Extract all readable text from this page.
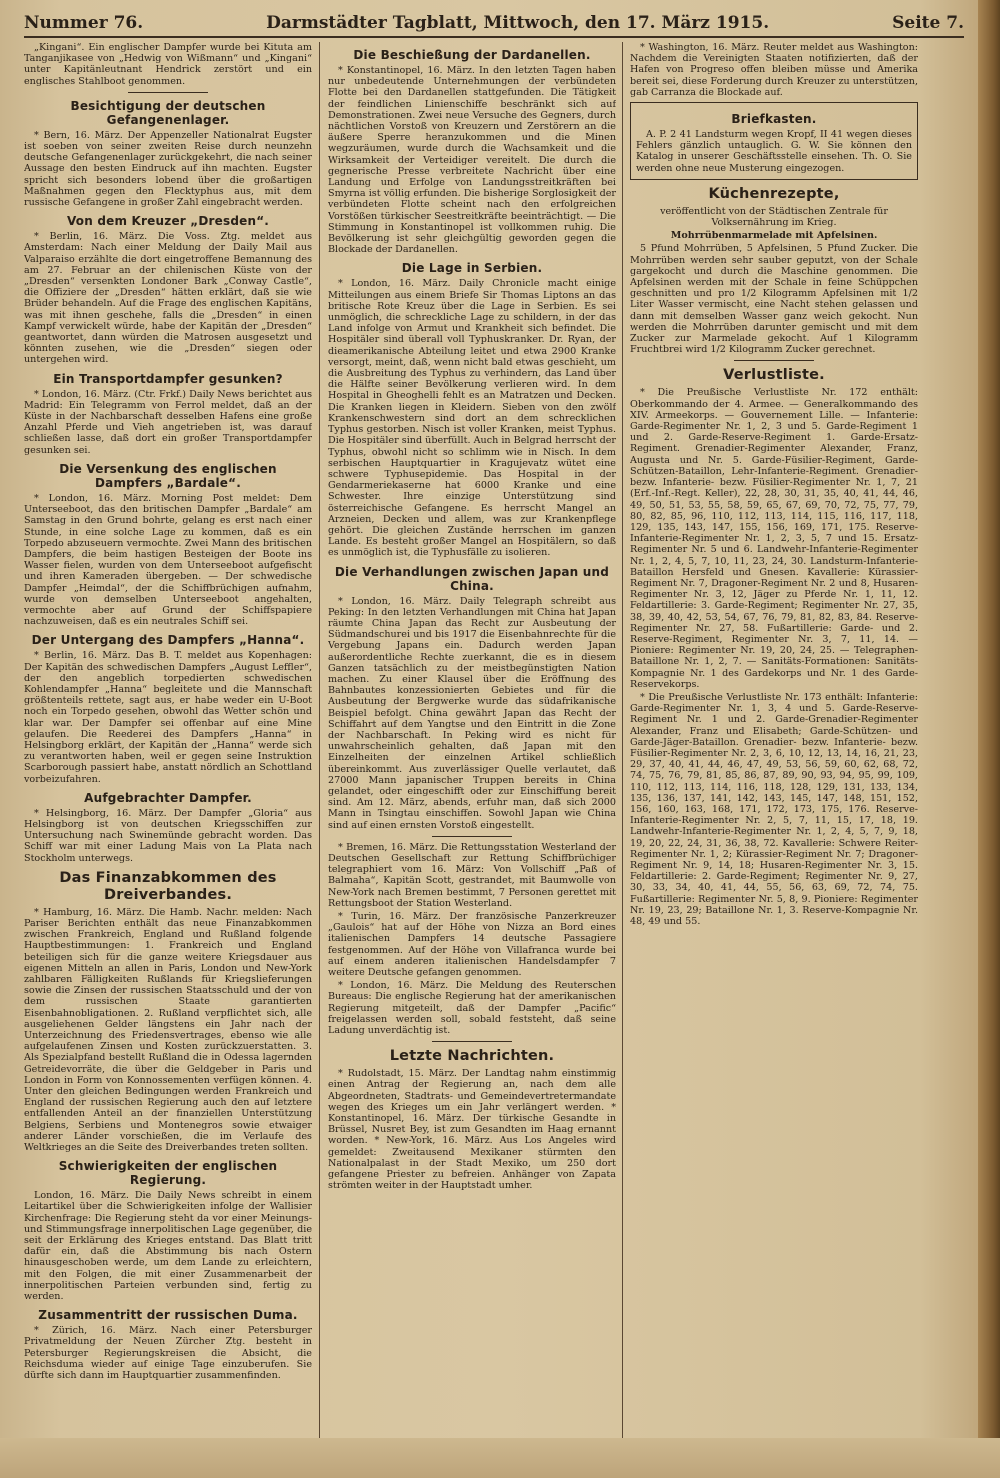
Nummer 76.	Darmstädter Tagblatt, Mittwoch, den 17. März 1915.	Seite 7.

„Kingani“. Ein englischer Dampfer wurde bei Kituta am Tanganjikasee von „Hedwig von Wißmann“ und „Kingani“ unter Kapitänleutnant Hendrick zerstört und ein englisches Stahlboot genommen.

Besichtigung der deutschen Gefangenenlager.

* Bern, 16. März. Der Appenzeller Nationalrat Eugster ist soeben von seiner zweiten Reise durch neunzehn deutsche Gefangenenlager zurückgekehrt, die nach seiner Aussage den besten Eindruck auf ihn machten. Eugster spricht sich besonders lobend über die großartigen Maßnahmen gegen den Flecktyphus aus, mit dem russische Gefangene in großer Zahl eingebracht werden.

Von dem Kreuzer „Dresden“.

* Berlin, 16. März. Die Voss. Ztg. meldet aus Amsterdam: Nach einer Meldung der Daily Mail aus Valparaiso erzählte die dort eingetroffene Bemannung des am 27. Februar an der chilenischen Küste von der „Dresden“ versenkten Londoner Bark „Conway Castle“, die Offiziere der „Dresden“ hätten erklärt, daß sie wie Brüder behandeln. Auf die Frage des englischen Kapitäns, was mit ihnen geschehe, falls die „Dresden“ in einen Kampf verwickelt würde, habe der Kapitän der „Dresden“ geantwortet, dann würden die Matrosen ausgesetzt und könnten zusehen, wie die „Dresden“ siegen oder untergehen wird.

Ein Transportdampfer gesunken?

* London, 16. März. (Ctr. Frkf.) Daily News berichtet aus Madrid: Ein Telegramm von Ferrol meldet, daß an der Küste in der Nachbarschaft desselben Hafens eine große Anzahl Pferde und Vieh angetrieben ist, was darauf schließen lasse, daß dort ein großer Transportdampfer gesunken sei.

Die Versenkung des englischen Dampfers „Bardale“.

* London, 16. März. Morning Post meldet: Dem Unterseeboot, das den britischen Dampfer „Bardale“ am Samstag in den Grund bohrte, gelang es erst nach einer Stunde, in eine solche Lage zu kommen, daß es ein Torpedo abzuseuern vermochte. Zwei Mann des britischen Dampfers, die beim hastigen Besteigen der Boote ins Wasser fielen, wurden von dem Unterseeboot aufgefischt und ihren Kameraden übergeben. — Der schwedische Dampfer „Heimdal“, der die Schiffbrüchigen aufnahm, wurde von demselben Unterseeboot angehalten, vermochte aber auf Grund der Schiffspapiere nachzuweisen, daß es ein neutrales Schiff sei.

Der Untergang des Dampfers „Hanna“.

* Berlin, 16. März. Das B. T. meldet aus Kopenhagen: Der Kapitän des schwedischen Dampfers „August Leffler“, der den angeblich torpedierten schwedischen Kohlendampfer „Hanna“ begleitete und die Mannschaft größtenteils rettete, sagt aus, er habe weder ein U-Boot noch ein Torpedo gesehen, obwohl das Wetter schön und klar war. Der Dampfer sei offenbar auf eine Mine gelaufen. Die Reederei des Dampfers „Hanna“ in Helsingborg erklärt, der Kapitän der „Hanna“ werde sich zu verantworten haben, weil er gegen seine Instruktion Scarborough passiert habe, anstatt nördlich an Schottland vorbeizufahren.

Aufgebrachter Dampfer.

* Helsingborg, 16. März. Der Dampfer „Gloria“ aus Helsingborg ist von deutschen Kriegsschiffen zur Untersuchung nach Swinemünde gebracht worden. Das Schiff war mit einer Ladung Mais von La Plata nach Stockholm unterwegs.

Das Finanzabkommen des Dreiverbandes.

* Hamburg, 16. März. Die Hamb. Nachr. melden: Nach Pariser Berichten enthält das neue Finanzabkommen zwischen Frankreich, England und Rußland folgende Hauptbestimmungen: 1. Frankreich und England beteiligen sich für die ganze weitere Kriegsdauer aus eigenen Mitteln an allen in Paris, London und New-York zahlbaren Fälligkeiten Rußlands für Kriegslieferungen sowie die Zinsen der russischen Staatsschuld und der von dem russischen Staate garantierten Eisenbahnobligationen. 2. Rußland verpflichtet sich, alle ausgeliehenen Gelder längstens ein Jahr nach der Unterzeichnung des Friedensvertrages, ebenso wie alle aufgelaufenen Zinsen und Kosten zurückzuerstatten. 3. Als Spezialpfand bestellt Rußland die in Odessa lagernden Getreidevorräte, die über die Geldgeber in Paris und London in Form von Konnossementen verfügen können. 4. Unter den gleichen Bedingungen werden Frankreich und England der russischen Regierung auch den auf letztere entfallenden Anteil an der finanziellen Unterstützung Belgiens, Serbiens und Montenegros sowie etwaiger anderer Länder vorschießen, die im Verlaufe des Weltkrieges an die Seite des Dreiverbandes treten sollten.

Schwierigkeiten der englischen Regierung.

London, 16. März. Die Daily News schreibt in einem Leitartikel über die Schwierigkeiten infolge der Wallisier Kirchenfrage: Die Regierung steht da vor einer Meinungs- und Stimmungsfrage innerpolitischen Lage gegenüber, die seit der Erklärung des Krieges entstand. Das Blatt tritt dafür ein, daß die Abstimmung bis nach Ostern hinausgeschoben werde, um dem Lande zu erleichtern, mit den Folgen, die mit einer Zusammenarbeit der innerpolitischen Parteien verbunden sind, fertig zu werden.

Zusammentritt der russischen Duma.

* Zürich, 16. März. Nach einer Petersburger Privatmeldung der Neuen Zürcher Ztg. besteht in Petersburger Regierungskreisen die Absicht, die Reichsduma wieder auf einige Tage einzuberufen. Sie dürfte sich dann im Hauptquartier zusammenfinden.

Die Beschießung der Dardanellen.

* Konstantinopel, 16. März. In den letzten Tagen haben nur unbedeutende Unternehmungen der verbündeten Flotte bei den Dardanellen stattgefunden. Die Tätigkeit der feindlichen Linienschiffe beschränkt sich auf Demonstrationen. Zwei neue Versuche des Gegners, durch nächtlichen Vorstoß von Kreuzern und Zerstörern an die äußere Sperre heranzukommen und die Minen wegzuräumen, wurde durch die Wachsamkeit und die Wirksamkeit der Verteidiger vereitelt. Die durch die gegnerische Presse verbreitete Nachricht über eine Landung und Erfolge von Landungsstreitkräften bei Smyrna ist völlig erfunden. Die bisherige Sorglosigkeit der verbündeten Flotte scheint nach den erfolgreichen Vorstößen türkischer Seestreitkräfte beeinträchtigt. — Die Stimmung in Konstantinopel ist vollkommen ruhig. Die Bevölkerung ist sehr gleichgültig geworden gegen die Blockade der Dardanellen.

Die Lage in Serbien.

* London, 16. März. Daily Chronicle macht einige Mitteilungen aus einem Briefe Sir Thomas Liptons an das britische Rote Kreuz über die Lage in Serbien. Es sei unmöglich, die schreckliche Lage zu schildern, in der das Land infolge von Armut und Krankheit sich befindet. Die Hospitäler sind überall voll Typhuskranker. Dr. Ryan, der dieamerikanische Abteilung leitet und etwa 2900 Kranke versorgt, meint, daß, wenn nicht bald etwas geschieht, um die Ausbreitung des Typhus zu verhindern, das Land über die Hälfte seiner Bevölkerung verlieren wird. In dem Hospital in Gheoghelli fehlt es an Matratzen und Decken. Die Kranken liegen in Kleidern. Sieben von den zwölf Krankenschwestern sind dort an dem schrecklichen Typhus gestorben. Nisch ist voller Kranken, meist Typhus. Die Hospitäler sind überfüllt. Auch in Belgrad herrscht der Typhus, obwohl nicht so schlimm wie in Nisch. In dem serbischen Hauptquartier in Kragujevatz wütet eine schwere Typhusepidemie. Das Hospital in der Gendarmeriekaserne hat 6000 Kranke und eine Schwester. Ihre einzige Unterstützung sind österreichische Gefangene. Es herrscht Mangel an Arzneien, Decken und allem, was zur Krankenpflege gehört. Die gleichen Zustände herrschen im ganzen Lande. Es besteht großer Mangel an Hospitälern, so daß es unmöglich ist, die Typhusfälle zu isolieren.

Die Verhandlungen zwischen Japan und China.

* London, 16. März. Daily Telegraph schreibt aus Peking: In den letzten Verhandlungen mit China hat Japan räumte China Japan das Recht zur Ausbeutung der Südmandschurei und bis 1917 die Eisenbahnrechte für die Vergebung Japans ein. Dadurch werden Japan außerordentliche Rechte zuerkannt, die es in diesem Ganzen tatsächlich zu der meistbegünstigten Nation machen. Zu einer Klausel über die Eröffnung des Bahnbautes konzessionierten Gebietes und für die Ausbeutung der Bergwerke wurde das südafrikanische Beispiel befolgt. China gewährt Japan das Recht der Schiffahrt auf dem Yangtse und den Eintritt in die Zone der Nachbarschaft. In Peking wird es nicht für unwahrscheinlich gehalten, daß Japan mit den Einzelheiten der einzelnen Artikel schließlich übereinkommt. Aus zuverlässiger Quelle verlautet, daß 27000 Mann japanischer Truppen bereits in China gelandet, oder eingeschifft oder zur Einschiffung bereit sind. Am 12. März, abends, erfuhr man, daß sich 2000 Mann in Tsingtau einschiffen. Sowohl Japan wie China sind auf einen ernsten Vorstoß eingestellt.

* Bremen, 16. März. Die Rettungsstation Westerland der Deutschen Gesellschaft zur Rettung Schiffbrüchiger telegraphiert vom 16. März: Von Vollschiff „Paß of Balmaha“, Kapitän Scott, gestrandet, mit Baumwolle von New-York nach Bremen bestimmt, 7 Personen gerettet mit Rettungsboot der Station Westerland.

* Turin, 16. März. Der französische Panzerkreuzer „Gaulois“ hat auf der Höhe von Nizza an Bord eines italienischen Dampfers 14 deutsche Passagiere festgenommen. Auf der Höhe von Villafranca wurde bei auf einem anderen italienischen Handelsdampfer 7 weitere Deutsche gefangen genommen.

* London, 16. März. Die Meldung des Reuterschen Bureaus: Die englische Regierung hat der amerikanischen Regierung mitgeteilt, daß der Dampfer „Pacific“ freigelassen werden soll, sobald feststeht, daß seine Ladung unverdächtig ist.

Letzte Nachrichten.

* Rudolstadt, 15. März. Der Landtag nahm einstimmig einen Antrag der Regierung an, nach dem alle Abgeordneten, Stadtrats- und Gemeindevertretermandate wegen des Krieges um ein Jahr verlängert werden. * Konstantinopel, 16. März. Der türkische Gesandte in Brüssel, Nusret Bey, ist zum Gesandten im Haag ernannt worden. * New-York, 16. März. Aus Los Angeles wird gemeldet: Zweitausend Mexikaner stürmten den Nationalpalast in der Stadt Mexiko, um 250 dort gefangene Priester zu befreien. Anhänger von Zapata strömten weiter in der Hauptstadt umher.

* Washington, 16. März. Reuter meldet aus Washington: Nachdem die Vereinigten Staaten notifizierten, daß der Hafen von Progreso offen bleiben müsse und Amerika bereit sei, diese Forderung durch Kreuzer zu unterstützen, gab Carranza die Blockade auf.

Briefkasten.

A. P. 2 41 Landsturm wegen Kropf, II 41 wegen dieses Fehlers gänzlich untauglich. G. W. Sie können den Katalog in unserer Geschäftsstelle einsehen. Th. O. Sie werden ohne neue Musterung eingezogen.

Küchenrezepte,

veröffentlicht von der Städtischen Zentrale für Volksernährung im Krieg.

Mohrrübenmarmelade mit Apfelsinen.

5 Pfund Mohrrüben, 5 Apfelsinen, 5 Pfund Zucker. Die Mohrrüben werden sehr sauber geputzt, von der Schale gargekocht und durch die Maschine genommen. Die Apfelsinen werden mit der Schale in feine Schüppchen geschnitten und pro 1/2 Kilogramm Apfelsinen mit 1/2 Liter Wasser vermischt, eine Nacht stehen gelassen und dann mit demselben Wasser ganz weich gekocht. Nun werden die Mohrrüben darunter gemischt und mit dem Zucker zur Marmelade gekocht. Auf 1 Kilogramm Fruchtbrei wird 1/2 Kilogramm Zucker gerechnet.

Verlustliste.

* Die Preußische Verlustliste Nr. 172 enthält: Oberkommando der 4. Armee. — Generalkommando des XIV. Armeekorps. — Gouvernement Lille. — Infanterie: Garde-Regimenter Nr. 1, 2, 3 und 5. Garde-Regiment 1 und 2. Garde-Reserve-Regiment 1. Garde-Ersatz-Regiment. Grenadier-Regimenter Alexander, Franz, Augusta und Nr. 5. Garde-Füsilier-Regiment, Garde-Schützen-Bataillon, Lehr-Infanterie-Regiment. Grenadier- bezw. Infanterie- bezw. Füsilier-Regimenter Nr. 1, 7, 21 (Erf.-Inf.-Regt. Keller), 22, 28, 30, 31, 35, 40, 41, 44, 46, 49, 50, 51, 53, 55, 58, 59, 65, 67, 69, 70, 72, 75, 77, 79, 80, 82, 85, 96, 110, 112, 113, 114, 115, 116, 117, 118, 129, 135, 143, 147, 155, 156, 169, 171, 175. Reserve-Infanterie-Regimenter Nr. 1, 2, 3, 5, 7 und 15. Ersatz-Regimenter Nr. 5 und 6. Landwehr-Infanterie-Regimenter Nr. 1, 2, 4, 5, 7, 10, 11, 23, 24, 30. Landsturm-Infanterie-Bataillon Hersfeld und Gnesen. Kavallerie: Kürassier-Regiment Nr. 7, Dragoner-Regiment Nr. 2 und 8, Husaren-Regimenter Nr. 3, 12, Jäger zu Pferde Nr. 1, 11, 12. Feldartillerie: 3. Garde-Regiment; Regimenter Nr. 27, 35, 38, 39, 40, 42, 53, 54, 67, 76, 79, 81, 82, 83, 84. Reserve-Regimenter Nr. 27, 58. Fußartillerie: Garde- und 2. Reserve-Regiment, Regimenter Nr. 3, 7, 11, 14. — Pioniere: Regimenter Nr. 19, 20, 24, 25. — Telegraphen-Bataillone Nr. 1, 2, 7. — Sanitäts-Formationen: Sanitäts-Kompagnie Nr. 1 des Gardekorps und Nr. 1 des Garde-Reservekorps.

* Die Preußische Verlustliste Nr. 173 enthält: Infanterie: Garde-Regimenter Nr. 1, 3, 4 und 5. Garde-Reserve-Regiment Nr. 1 und 2. Garde-Grenadier-Regimenter Alexander, Franz und Elisabeth; Garde-Schützen- und Garde-Jäger-Bataillon. Grenadier- bezw. Infanterie- bezw. Füsilier-Regimenter Nr. 2, 3, 6, 10, 12, 13, 14, 16, 21, 23, 29, 37, 40, 41, 44, 46, 47, 49, 53, 56, 59, 60, 62, 68, 72, 74, 75, 76, 79, 81, 85, 86, 87, 89, 90, 93, 94, 95, 99, 109, 110, 112, 113, 114, 116, 118, 128, 129, 131, 133, 134, 135, 136, 137, 141, 142, 143, 145, 147, 148, 151, 152, 156, 160, 163, 168, 171, 172, 173, 175, 176. Reserve-Infanterie-Regimenter Nr. 2, 5, 7, 11, 15, 17, 18, 19. Landwehr-Infanterie-Regimenter Nr. 1, 2, 4, 5, 7, 9, 18, 19, 20, 22, 24, 31, 36, 38, 72. Kavallerie: Schwere Reiter-Regimenter Nr. 1, 2; Kürassier-Regiment Nr. 7; Dragoner-Regiment Nr. 9, 14, 18; Husaren-Regimenter Nr. 3, 15. Feldartillerie: 2. Garde-Regiment; Regimenter Nr. 9, 27, 30, 33, 34, 40, 41, 44, 55, 56, 63, 69, 72, 74, 75. Fußartillerie: Regimenter Nr. 5, 8, 9. Pioniere: Regimenter Nr. 19, 23, 29; Bataillone Nr. 1, 3. Reserve-Kompagnie Nr. 48, 49 und 55.
